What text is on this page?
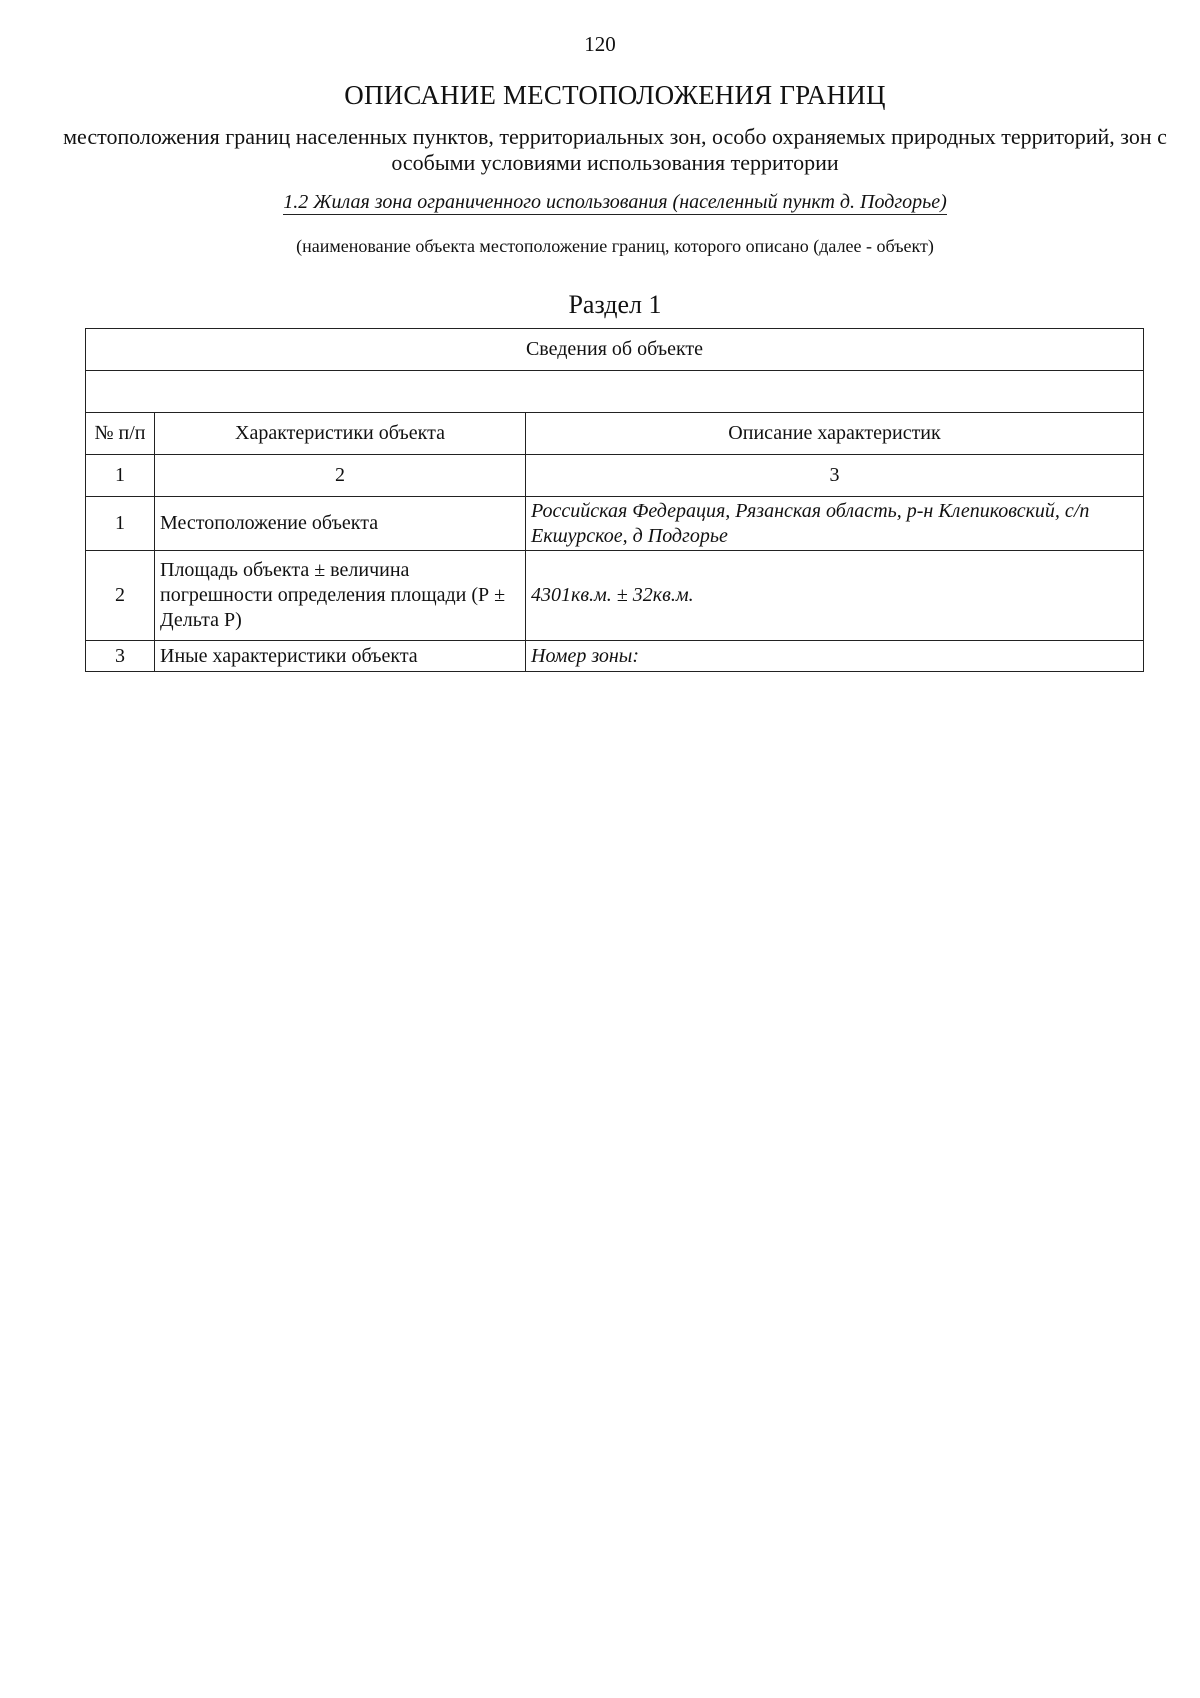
120
ОПИСАНИЕ МЕСТОПОЛОЖЕНИЯ ГРАНИЦ
местоположения границ населенных пунктов, территориальных зон, особо охраняемых природных территорий, зон с особыми условиями использования территории
1.2 Жилая зона ограниченного использования (населенный пункт д. Подгорье)
(наименование объекта местоположение границ, которого описано (далее - объект)
Раздел 1
Сведения об объекте		

№ п/п	Характеристики объекта	Описание характеристик
1	2	3
1	Местоположение объекта	Российская Федерация, Рязанская область, р-н Клепиковский, с/п Екшурское, д Подгорье
2	Площадь объекта ± величина погрешности определения площади (Р ± Дельта Р)	4301кв.м. ± 32кв.м.
3	Иные характеристики объекта	Номер зоны:
